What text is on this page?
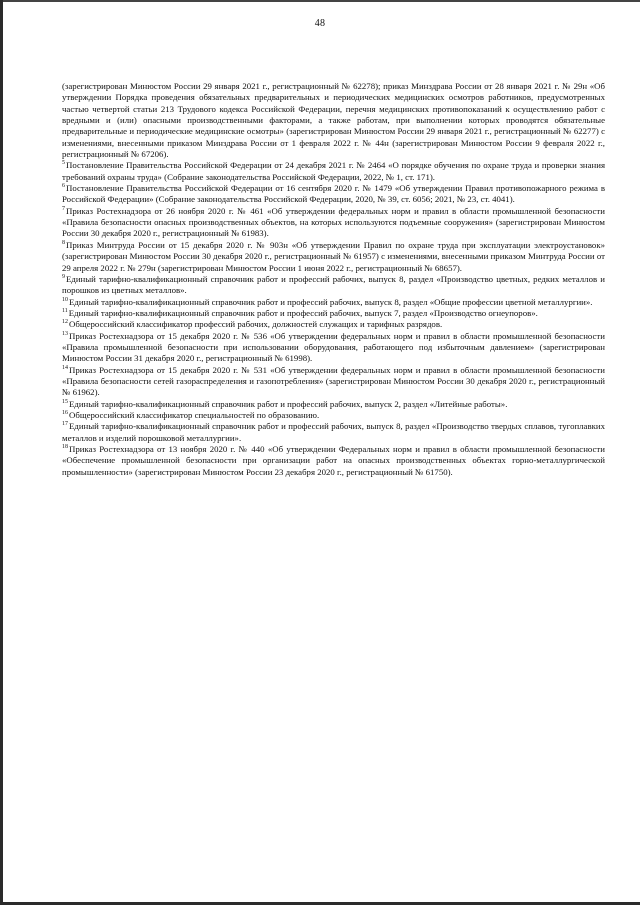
48

(зарегистрирован Минюстом России 29 января 2021 г., регистрационный № 62278); приказ Минздрава России от 28 января 2021 г. № 29н «Об утверждении Порядка проведения обязательных предварительных и периодических медицинских осмотров работников, предусмотренных частью четвертой статьи 213 Трудового кодекса Российской Федерации, перечня медицинских противопоказаний к осуществлению работ с вредными и (или) опасными производственными факторами, а также работам, при выполнении которых проводятся обязательные предварительные и периодические медицинские осмотры» (зарегистрирован Минюстом России 29 января 2021 г., регистрационный № 62277) с изменениями, внесенными приказом Минздрава России от 1 февраля 2022 г. № 44н (зарегистрирован Минюстом России 9 февраля 2022 г., регистрационный № 67206).

$^5$Постановление Правительства Российской Федерации от 24 декабря 2021 г. № 2464 «О порядке обучения по охране труда и проверки знания требований охраны труда» (Собрание законодательства Российской Федерации, 2022, № 1, ст. 171).

$^6$Постановление Правительства Российской Федерации от 16 сентября 2020 г. № 1479 «Об утверждении Правил противопожарного режима в Российской Федерации» (Собрание законодательства Российской Федерации, 2020, № 39, ст. 6056; 2021, № 23, ст. 4041).

$^7$Приказ Ростехнадзора от 26 ноября 2020 г. № 461 «Об утверждении федеральных норм и правил в области промышленной безопасности «Правила безопасности опасных производственных объектов, на которых используются подъемные сооружения» (зарегистрирован Минюстом России 30 декабря 2020 г., регистрационный № 61983).

$^8$Приказ Минтруда России от 15 декабря 2020 г. № 903н «Об утверждении Правил по охране труда при эксплуатации электроустановок» (зарегистрирован Минюстом России 30 декабря 2020 г., регистрационный № 61957) с изменениями, внесенными приказом Минтруда России от 29 апреля 2022 г. № 279н (зарегистрирован Минюстом России 1 июня 2022 г., регистрационный № 68657).

$^9$Единый тарифно-квалификационный справочник работ и профессий рабочих, выпуск 8, раздел «Производство цветных, редких металлов и порошков из цветных металлов».

$^{10}$Единый тарифно-квалификационный справочник работ и профессий рабочих, выпуск 8, раздел «Общие профессии цветной металлургии».

$^{11}$Единый тарифно-квалификационный справочник работ и профессий рабочих, выпуск 7, раздел «Производство огнеупоров».

$^{12}$Общероссийский классификатор профессий рабочих, должностей служащих и тарифных разрядов.

$^{13}$Приказ Ростехнадзора от 15 декабря 2020 г. № 536 «Об утверждении федеральных норм и правил в области промышленной безопасности «Правила промышленной безопасности при использовании оборудования, работающего под избыточным давлением» (зарегистрирован Минюстом России 31 декабря 2020 г., регистрационный № 61998).

$^{14}$Приказ Ростехнадзора от 15 декабря 2020 г. № 531 «Об утверждении федеральных норм и правил в области промышленной безопасности «Правила безопасности сетей газораспределения и газопотребления» (зарегистрирован Минюстом России 30 декабря 2020 г., регистрационный № 61962).

$^{15}$Единый тарифно-квалификационный справочник работ и профессий рабочих, выпуск 2, раздел «Литейные работы».

$^{16}$Общероссийский классификатор специальностей по образованию.

$^{17}$Единый тарифно-квалификационный справочник работ и профессий рабочих, выпуск 8, раздел «Производство твердых сплавов, тугоплавких металлов и изделий порошковой металлургии».

$^{18}$Приказ Ростехнадзора от 13 ноября 2020 г. № 440 «Об утверждении Федеральных норм и правил в области промышленной безопасности «Обеспечение промышленной безопасности при организации работ на опасных производственных объектах горно-металлургической промышленности» (зарегистрирован Минюстом России 23 декабря 2020 г., регистрационный № 61750).
